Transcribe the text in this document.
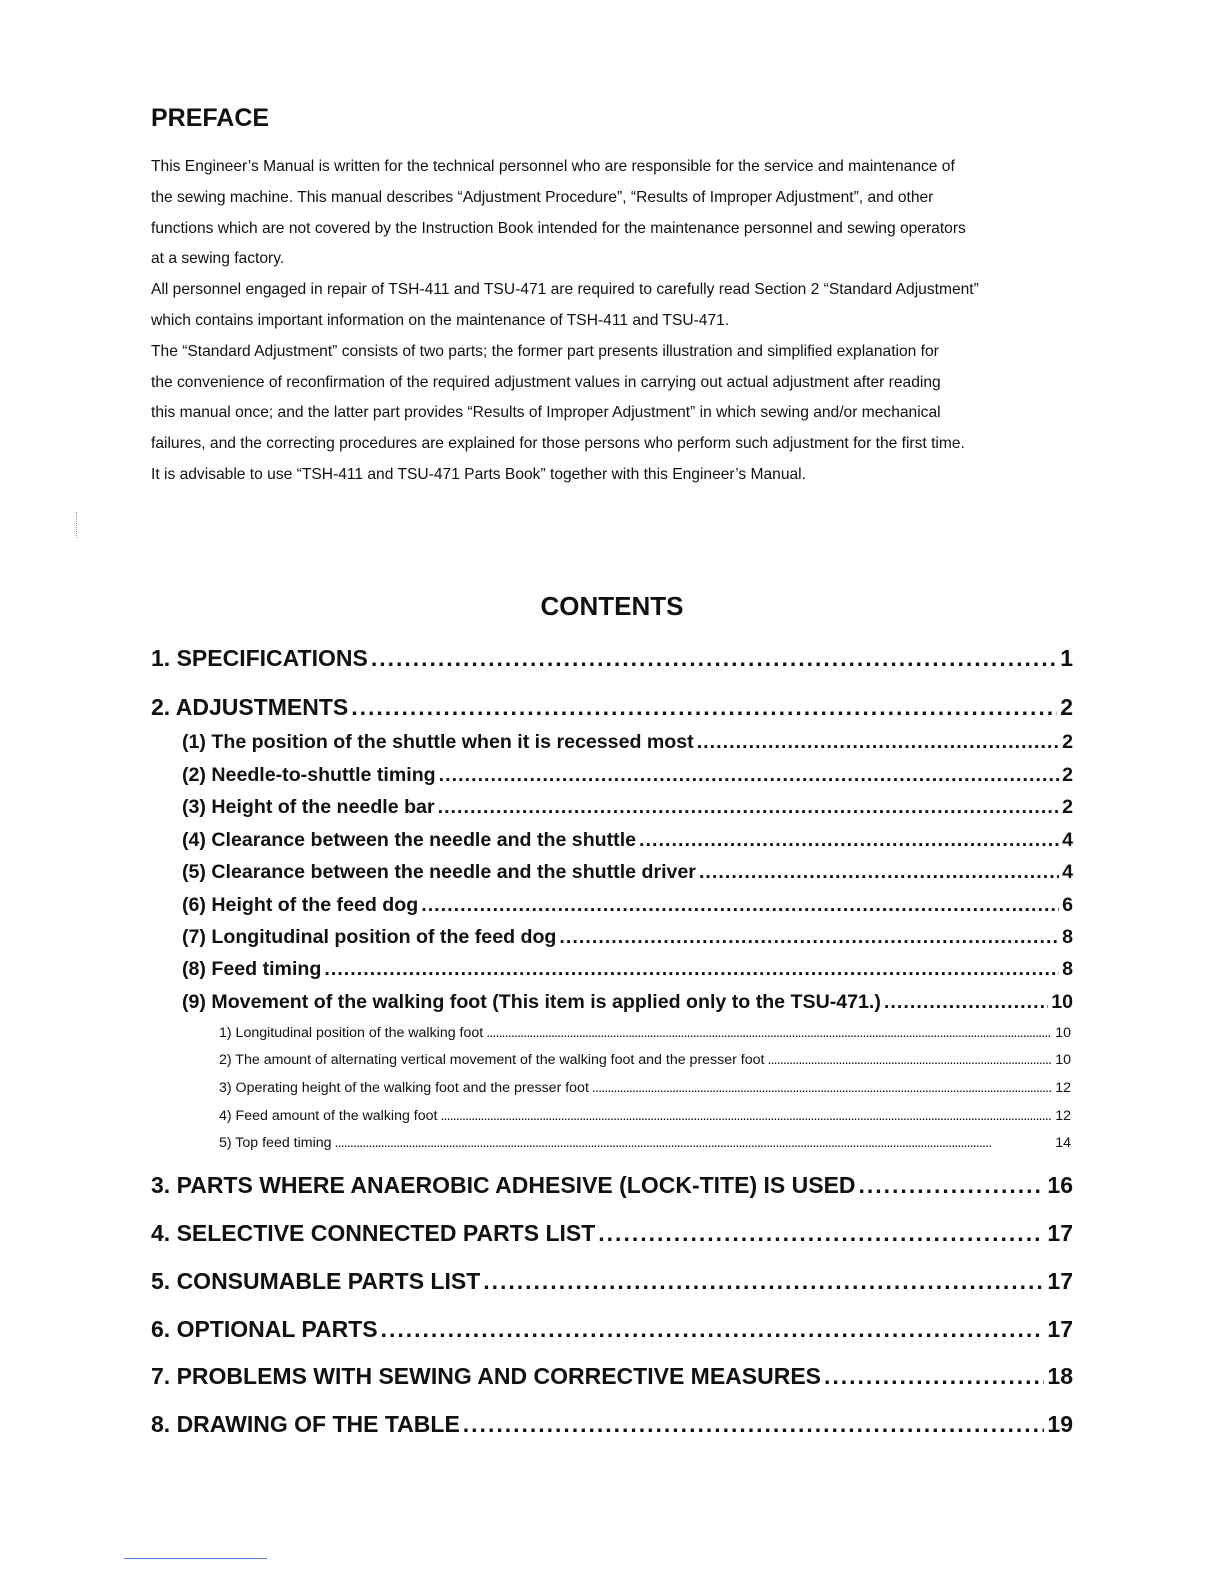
PREFACE

This Engineer’s Manual is written for the technical personnel who are responsible for the service and maintenance of

the sewing machine. This manual describes “Adjustment Procedure”, “Results of Improper Adjustment”, and other

functions which are not covered by the Instruction Book intended for the maintenance personnel and sewing operators

at a sewing factory.

All personnel engaged in repair of TSH-411 and TSU-471 are required to carefully read Section 2 “Standard Adjustment”

which contains important information on the maintenance of TSH-411 and TSU-471.

The “Standard Adjustment” consists of two parts; the former part presents illustration and simplified explanation for

the convenience of reconfirmation of the required adjustment values in carrying out actual adjustment after reading

this manual once; and the latter part provides “Results of Improper Adjustment” in which sewing and/or mechanical

failures, and the correcting procedures are explained for those persons who perform such adjustment for the first time.

It is advisable to use “TSH-411 and TSU-471 Parts Book” together with this Engineer’s Manual.

CONTENTS
1. SPECIFICATIONS . . .	1
2. ADJUSTMENTS . . .	2
(1) The position of the shuttle when it is recessed most . . .	2
(2) Needle-to-shuttle timing . . .	2
(3) Height of the needle bar . . .	2
(4) Clearance between the needle and the shuttle . . .	4
(5) Clearance between the needle and the shuttle driver . . .	4
(6) Height of the feed dog . . .	6
(7) Longitudinal position of the feed dog . . .	8
(8) Feed timing . . .	8
(9) Movement of the walking foot (This item is applied only to the TSU-471.) . . .	10
1) Longitudinal position of the walking foot . . .	10
2) The amount of alternating vertical movement of the walking foot and the presser foot . . .	10
3) Operating height of the walking foot and the presser foot . . .	12
4) Feed amount of the walking foot . . .	12
5) Top feed timing . . .	14
3. PARTS WHERE ANAEROBIC ADHESIVE (LOCK-TITE) IS USED . . .	16
4. SELECTIVE CONNECTED PARTS LIST . . .	17
5. CONSUMABLE PARTS LIST . . .	17
6. OPTIONAL PARTS . . .	17
7. PROBLEMS WITH SEWING AND CORRECTIVE MEASURES . . .	18
8. DRAWING OF THE TABLE . . .	19
